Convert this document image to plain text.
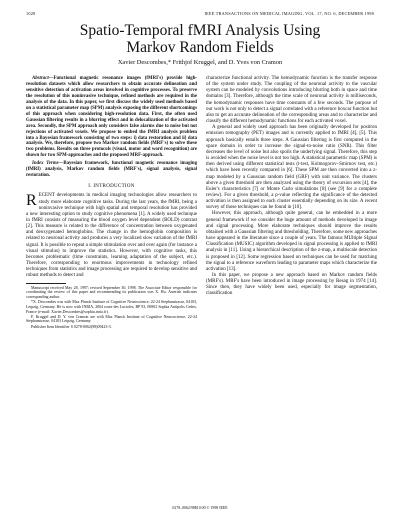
1028	IEEE TRANSACTIONS ON MEDICAL IMAGING, VOL. 17, NO. 6, DECEMBER 1998
Spatio-Temporal fMRI Analysis Using
Markov Random Fields
Xavier Descombes,* Frithjof Kruggel, and D. Yves von Cramon

Abstract—Functional magnetic resonance images (fMRI's) provide high-resolution datasets which allow researchers to obtain accurate delineation and sensitive detection of activation areas involved in cognitive processes. To preserve the resolution of this noninvasive technique, refined methods are required in the analysis of the data. In this paper, we first discuss the widely used methods based on a statistical parameter map (SPM) analysis exposing the different shortcomings of this approach when considering high-resolution data. First, the often used Gaussian filtering results in a blurring effect and in delocalization of the activated area. Secondly, the SPM approach only considers false alarms due to noise but not rejections of activated voxels. We propose to embed the fMRI analysis problem into a Bayesian framework consisting of two steps: i) data restoration and ii) data analysis. We, therefore, propose two Markov random fields (MRF's) to solve these two problems. Results on three protocols (visual, motor and word recognition) are shown for two SPM-approaches and the proposed MRF-approach.

Index Terms—Bayesian framework, functional magnetic resonance imaging (fMRI) analysis, Markov random fields (MRF's), signal analysis, signal restoration.

I. INTRODUCTION

RECENT developments in medical imaging technologies allow researchers to study more elaborate cognitive tasks. During the last years, the fMRI, being a noninvasive technique with high spatial and temporal resolution has provided a new interesting option to study cognitive phenomena [1]. A widely used technique in fMRI consists of measuring the blood oxygen level dependent (BOLD) contrast [2]. This measure is related to the difference of concentration between oxygenated and deoxygenated hemoglobins. The change in the hemoglobin composition is related to neuronal activity and produces a very localized slow variation of the fMRI signal. It is possible to repeat a simple stimulation over and over again (for instance a visual stimulus) to improve the statistics. However, with cognitive tasks, this becomes problematic (time constraints, learning adaptation of the subject, etc.). Therefore, corresponding to enormous improvements in technology refined techniques from statistics and image processing are required to develop sensitive and robust methods to detect and

Manuscript received May 28, 1997; revised September 30, 1998. The Associate Editor responsible for coordinating the review of this paper and recommending its publication was X. Hu. Asterisk indicates corresponding author.

*X. Descombes was with Max Planck Institute of Cognitive Neuroscience, 22-24 Stephanstrasse, 04103, Leipzig, Germany. He is now with INRIA, 2004 route des Lucioles, BP 93, 06902 Sophia Antipolis Cedex, France (e-mail: Xavier.Descombes@sophia.inria.fr).

F. Kruggel and D. Y. von Cramon are with Max Planck Institute of Cognitive Neuroscience, 22-24 Stephanstrasse, 04103 Leipzig, Germany.

Publisher Item Identifier S 0278-0062(98)09423-3.

characterize functional activity. The hemodynamic function is the transfer response of the system under study. The coupling of the neuronal activity to the vascular system can be modeled by convolutions introducing blurring both in space and time domains [3]. Therefore, although the time scale of neuronal activity is milliseconds, the hemodynamic responses have time constants of a few seconds. The purpose of our work is not only to detect a signal correlated with a reference boxcar function but also to get an accurate delineation of the corresponding areas and to characterize and classify the different hemodynamic functions for each activated voxel.

A general and widely used approach has been originally developed for positron emission tomography (PET) images and is currently applied to fMRI [4], [5]. This approach basically entails three steps. A Gaussian filtering is first computed in the space domain in order to increase the signal-to-noise ratio (SNR). This filter decreases the level of noise but also spoils the underlying signal. Therefore, this step is avoided when the noise level is not too high. A statistical parametric map (SPM) is then derived using different statistical tests (t-test, Kolmogorov–Smirnov test, etc.) which have been recently compared in [6]. These SPM are then converted into a z-map modeled by a Gaussian random field (GRF) with unit variance. The clusters above a given threshold are then analyzed using the theory of excursion sets [4], the Euler's characteristics [7] or Monte Carlo simulations [8] (see [9] for a complete review). For a given threshold, a p-value reflecting the significance of the detected activation is then assigned to each cluster essentially depending on its size. A recent survey of those techniques can be found in [10].

However, this approach, although quite general, can be embedded in a more general framework if we consider the huge amount of methods developed in image and signal processing. More elaborate techniques should improve the results obtained with a Gaussian filtering and thresholding. Therefore, some new approaches have appeared in the literature since a couple of years. The famous MUltiple SIgnal Classification (MUSIC) algorithm developed in signal processing is applied to fMRI analysis in [11]. Using a hierarchical description of the z-map, a multiscale detection is proposed in [12]. Some regression based on techniques can be used for matching the signal to a reference waveform leading to parameter maps which characterize the activation [13].

In this paper, we propose a new approach based on Markov random fields (MRF's). MRF's have been introduced in image processing by Besag in 1974 [14]. Since then, they have widely been used, especially for image segmentation, classification

0278–0062/98$10.00 © 1998 IEEE
